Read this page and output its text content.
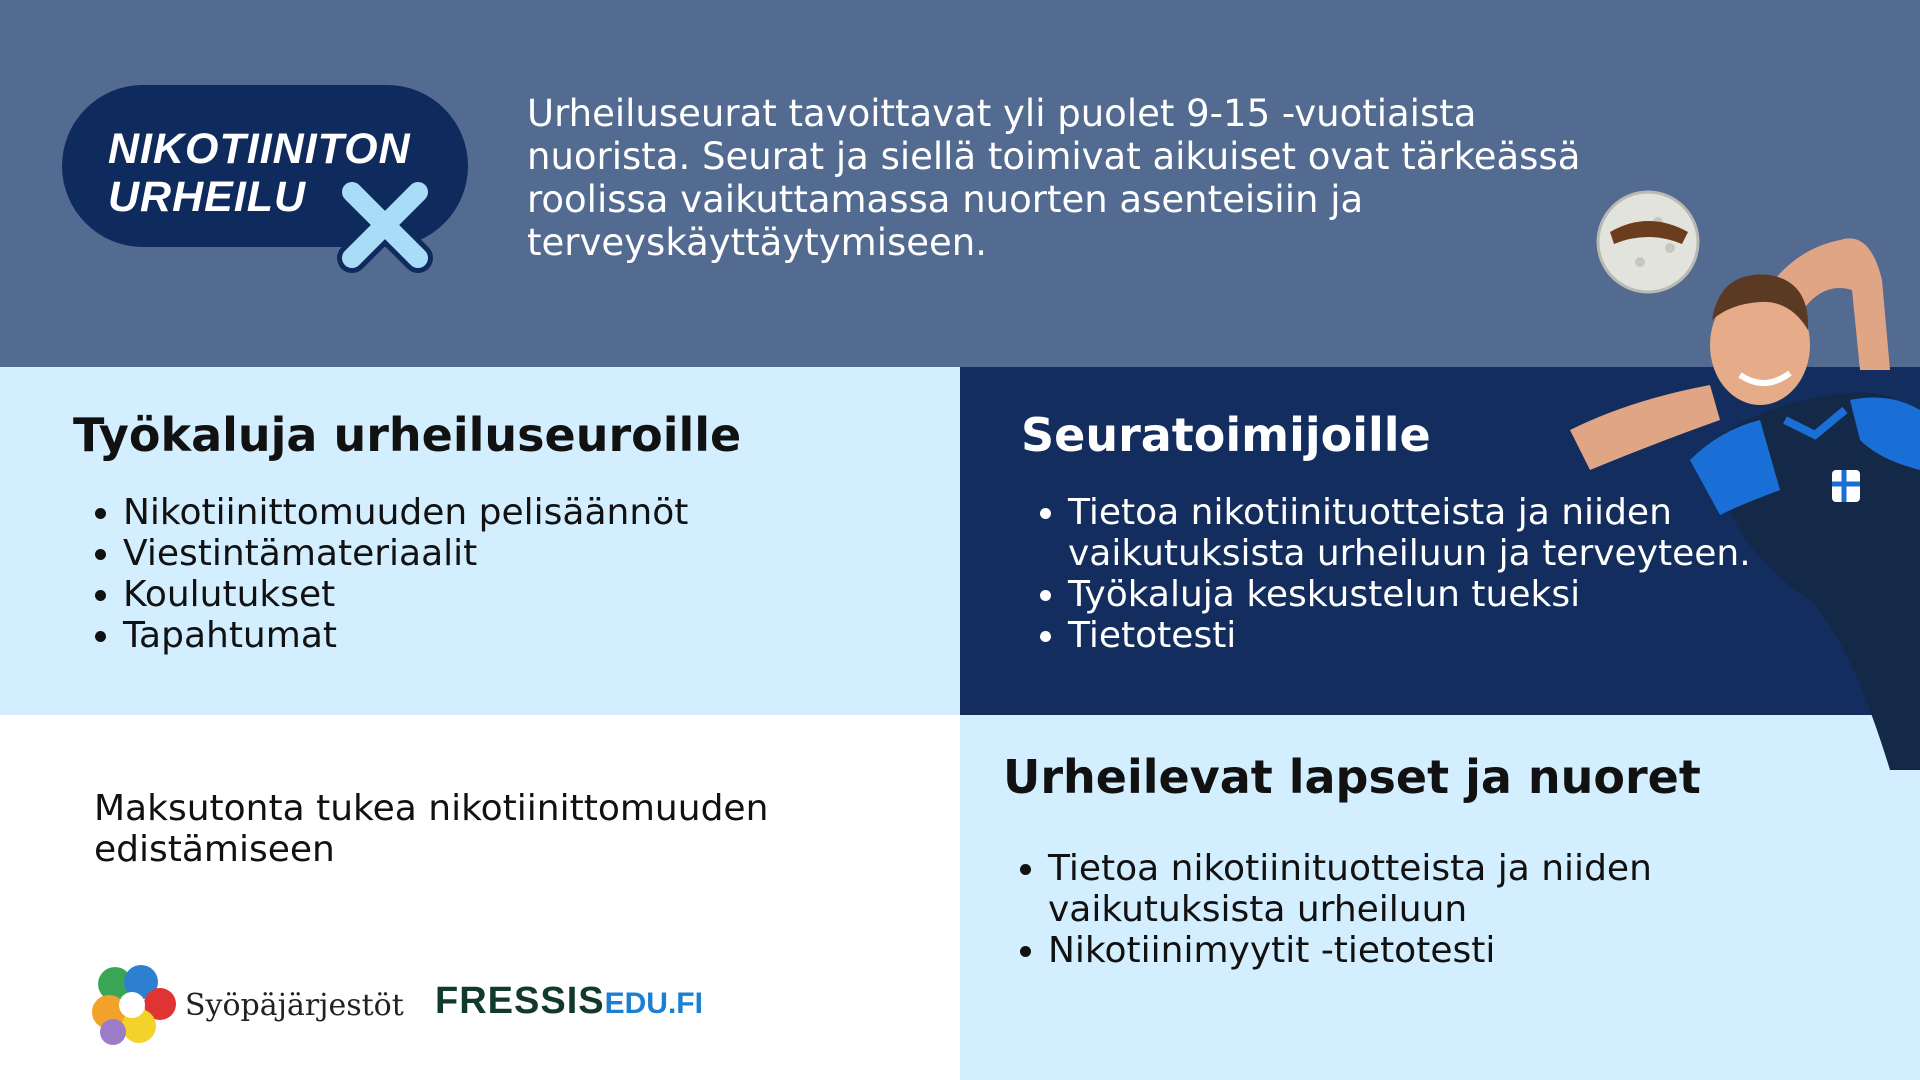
NIKOTIINITON
URHEILU

Urheiluseurat tavoittavat yli puolet 9-15 -vuotiaista nuorista. Seurat ja siellä toimivat aikuiset ovat tärkeässä roolissa vaikuttamassa nuorten asenteisiin ja terveyskäyttäytymiseen.

Työkaluja urheiluseuroille
• Nikotiinittomuuden pelisäännöt
• Viestintämateriaalit
• Koulutukset
• Tapahtumat
Seuratoimijoille
• Tietoa nikotiinituotteista ja niiden vaikutuksista urheiluun ja terveyteen.
• Työkaluja keskustelun tueksi
• Tietotesti
Urheilevat lapset ja nuoret
• Tietoa nikotiinituotteista ja niiden vaikutuksista urheiluun
• Nikotiinimyytit -tietotesti

Maksutonta tukea nikotiinittomuuden edistämiseen

Syöpäjärjestöt FRESSISEDU.FI
